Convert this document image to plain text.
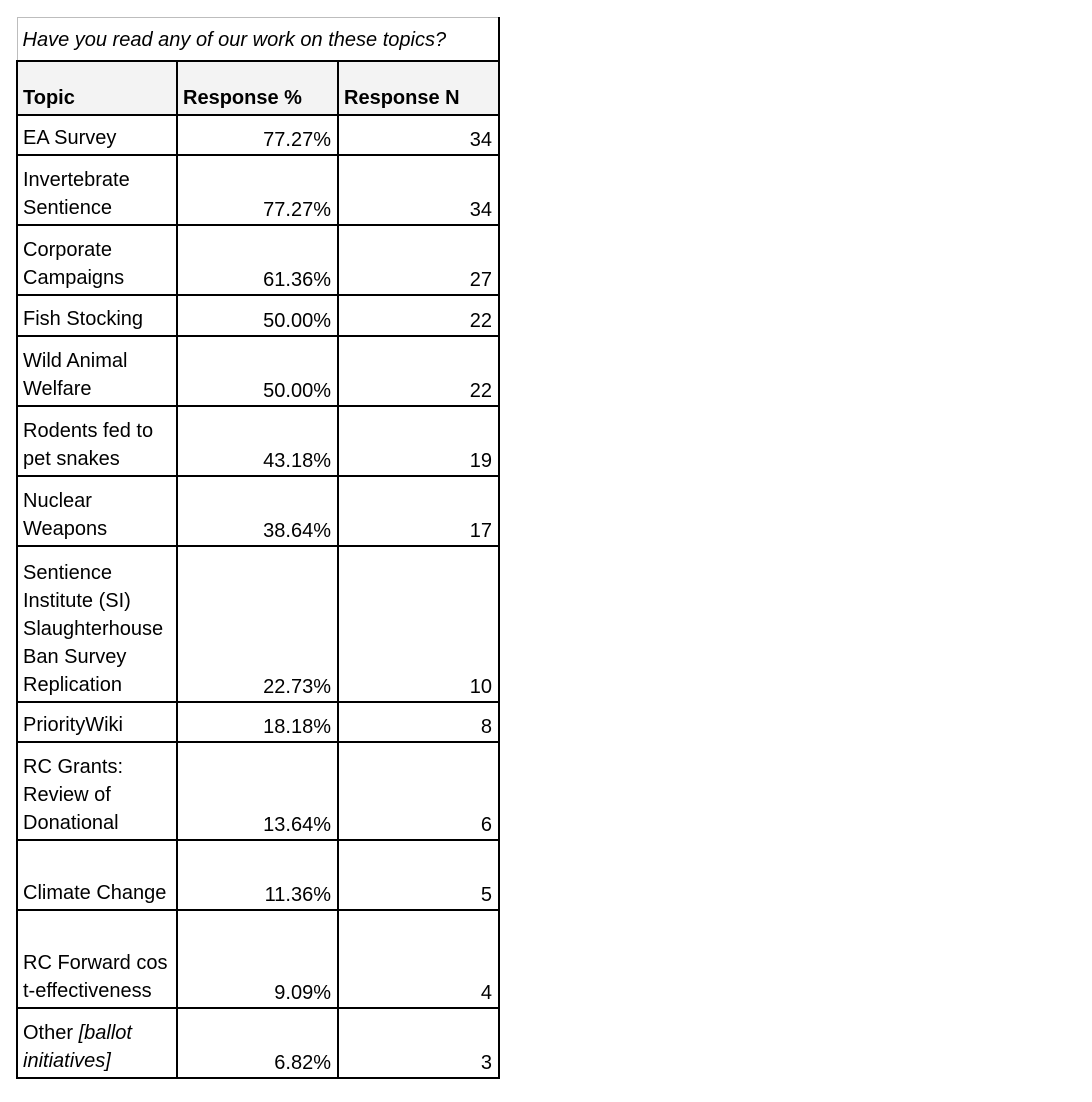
Have you read any of our work on these topics?		
Topic	Response %	Response N
EA Survey	77.27%	34
Invertebrate Sentience	77.27%	34
Corporate Campaigns	61.36%	27
Fish Stocking	50.00%	22
Wild Animal Welfare	50.00%	22
Rodents fed to pet snakes	43.18%	19
Nuclear Weapons	38.64%	17
Sentience Institute (SI) Slaughterhouse Ban Survey Replication	22.73%	10
PriorityWiki	18.18%	8
RC Grants: Review of Donational	13.64%	6
Climate Change	11.36%	5
RC Forward cost-effectiveness	9.09%	4
Other [ballot initiatives]	6.82%	3
